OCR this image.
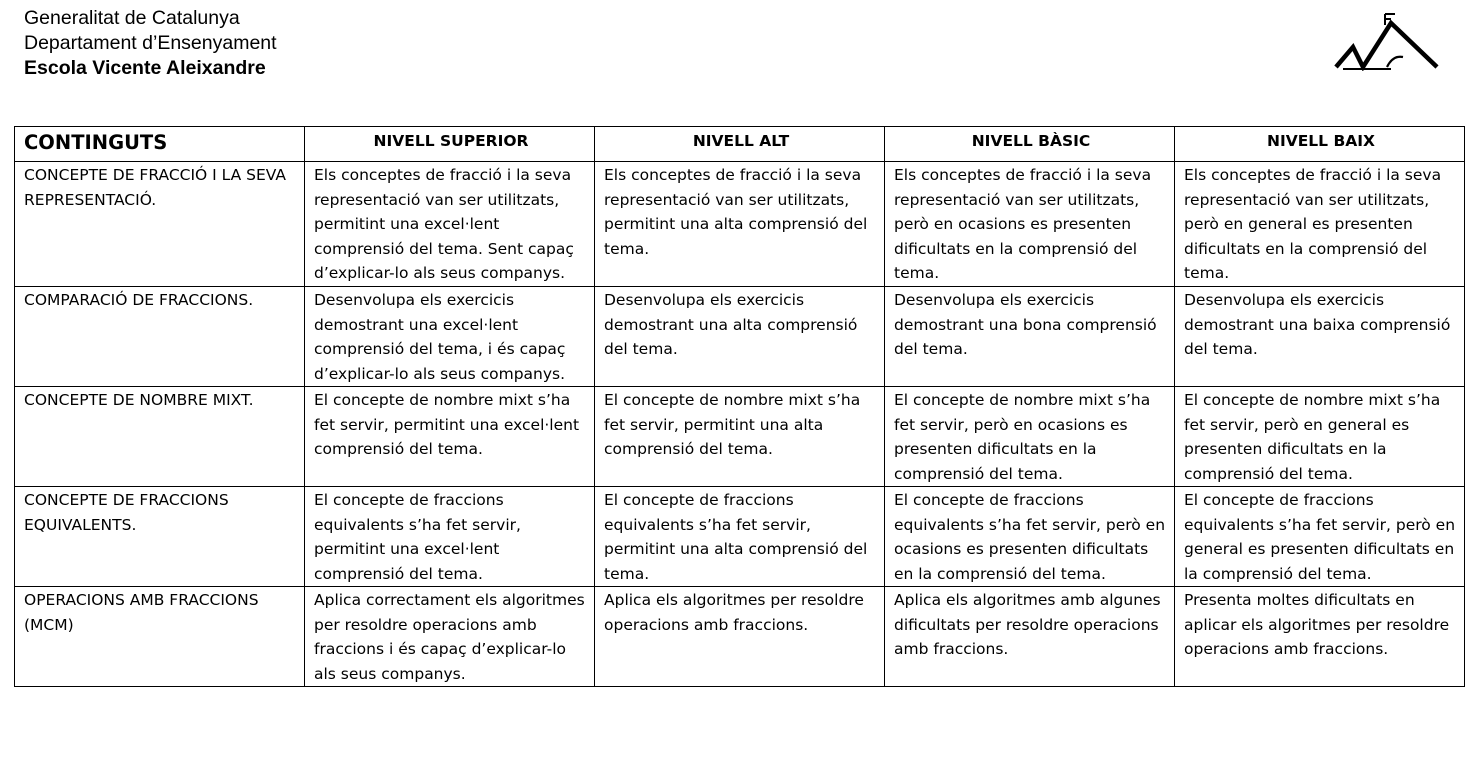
Generalitat de Catalunya
Departament d’Ensenyament
Escola Vicente Aleixandre
CONTINGUTS	NIVELL SUPERIOR	NIVELL ALT	NIVELL BÀSIC	NIVELL BAIX
CONCEPTE DE FRACCIÓ I LA SEVA REPRESENTACIÓ.	Els conceptes de fracció i la seva representació van ser utilitzats, permitint una excel·lent comprensió del tema. Sent capaç d’explicar-lo als seus companys.	Els conceptes de fracció i la seva representació van ser utilitzats, permitint una alta comprensió del tema.	Els conceptes de fracció i la seva representació van ser utilitzats, però en ocasions es presenten dificultats en la comprensió del tema.	Els conceptes de fracció i la seva representació van ser utilitzats, però en general es presenten dificultats en la comprensió del tema.
COMPARACIÓ DE FRACCIONS.	Desenvolupa els exercicis demostrant una excel·lent comprensió del tema, i és capaç d’explicar-lo als seus companys.	Desenvolupa els exercicis demostrant una alta comprensió del tema.	Desenvolupa els exercicis demostrant una bona comprensió del tema.	Desenvolupa els exercicis demostrant una baixa comprensió del tema.
CONCEPTE DE NOMBRE MIXT.	El concepte de nombre mixt s’ha fet servir, permitint una excel·lent comprensió del tema.	El concepte de nombre mixt s’ha fet servir, permitint una alta comprensió del tema.	El concepte de nombre mixt s’ha fet servir, però en ocasions es presenten dificultats en la comprensió del tema.	El concepte de nombre mixt s’ha fet servir, però en general es presenten dificultats en la comprensió del tema.
CONCEPTE DE FRACCIONS EQUIVALENTS.	El concepte de fraccions equivalents s’ha fet servir, permitint una excel·lent comprensió del tema.	El concepte de fraccions equivalents s’ha fet servir, permitint una alta comprensió del tema.	El concepte de fraccions equivalents s’ha fet servir, però en ocasions es presenten dificultats en la comprensió del tema.	El concepte de fraccions equivalents s’ha fet servir, però en general es presenten dificultats en la comprensió del tema.
OPERACIONS AMB FRACCIONS (MCM)	Aplica correctament els algoritmes per resoldre operacions amb fraccions i és capaç d’explicar-lo als seus companys.	Aplica els algoritmes per resoldre operacions amb fraccions.	Aplica els algoritmes amb algunes dificultats per resoldre operacions amb fraccions.	Presenta moltes dificultats en aplicar els algoritmes per resoldre operacions amb fraccions.
